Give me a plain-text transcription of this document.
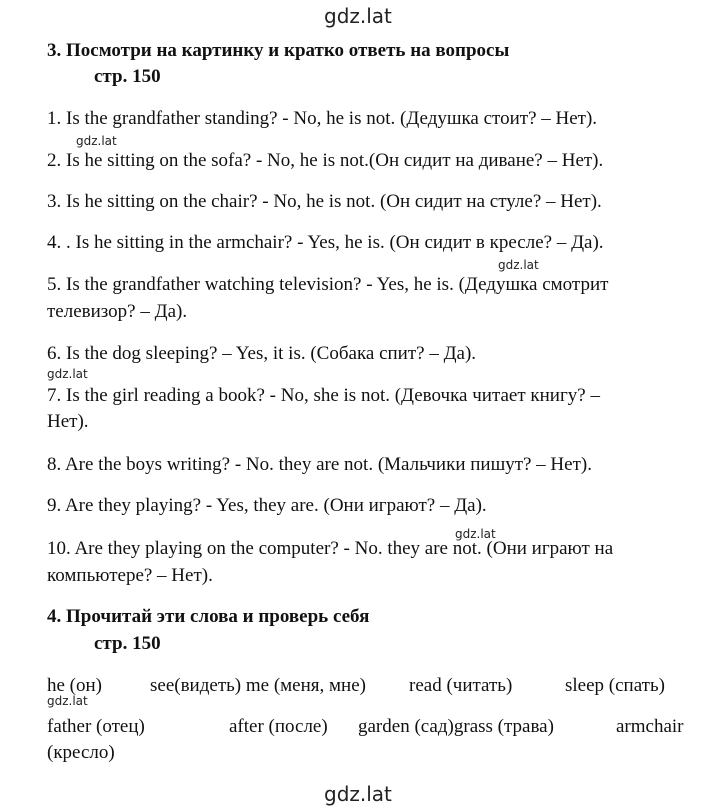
gdz.lat
gdz.lat
gdz.lat
gdz.lat
gdz.lat
gdz.lat
gdz.lat
3. Посмотри на картинку и кратко ответь на вопросы
стр. 150
1. Is the grandfather standing? - No, he is not. (Дедушка стоит? – Нет).
2. Is he sitting on the sofa? - No, he is not.(Он сидит на диване? – Нет).
3. Is he sitting on the chair? - No, he is not. (Он сидит на стуле? – Нет).
4. . Is he sitting in the armchair? - Yes, he is. (Он сидит в кресле? – Да).
5. Is the grandfather watching television? - Yes, he is. (Дедушка смотрит
телевизор? – Да).
6. Is the dog sleeping? – Yes, it is. (Собака спит? – Да).
7. Is the girl reading a book? - No, she is not. (Девочка читает книгу? –
Нет).
8. Are the boys writing? - No. they are not. (Мальчики пишут? – Нет).
9. Are they playing? - Yes, they are. (Они играют? – Да).
10. Are they playing on the computer? - No. they are not. (Они играют на
компьютере? – Нет).
4. Прочитай эти слова и проверь себя
стр. 150
he (он)	see(видеть) me (меня, мне) read (читать)	sleep (спать)
father (отец)	after (после) garden (сад)grass (трава)	armchair
(кресло)
